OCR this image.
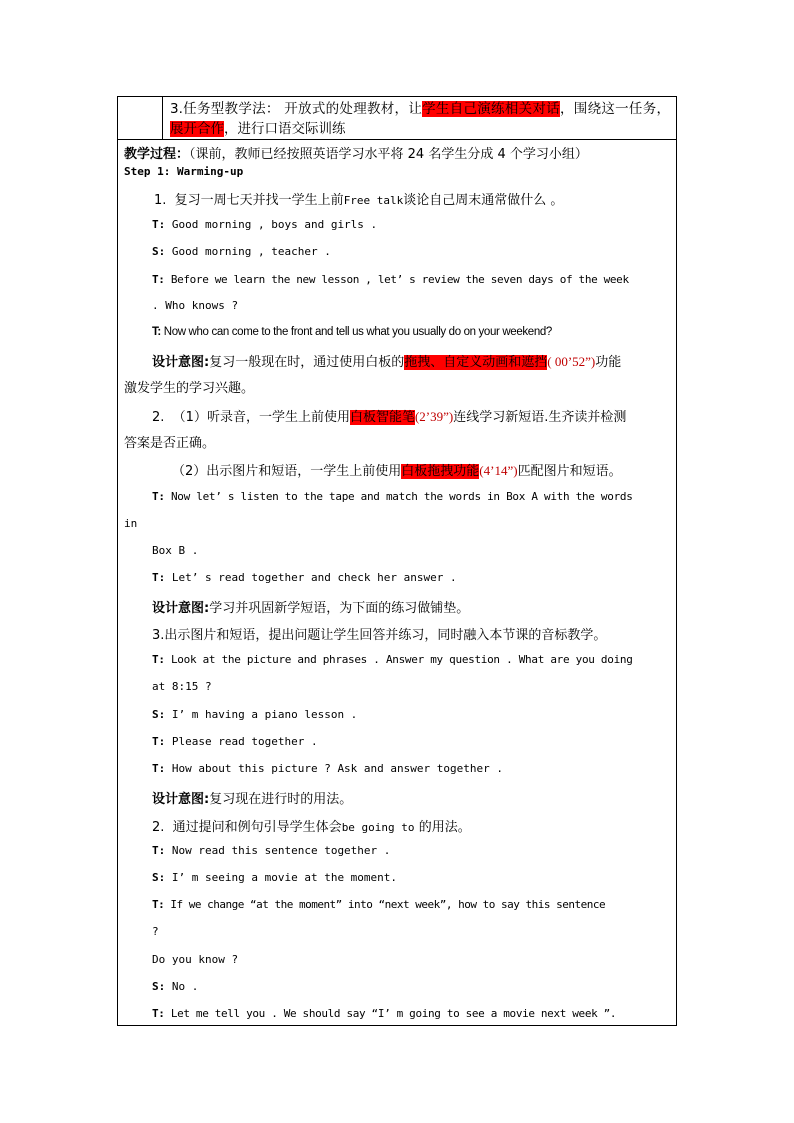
3.任务型教学法： 开放式的处理教材，让学生自己演练相关对话，围绕这一任务，展开合作，进行口语交际训练
教学过程：（课前，教师已经按照英语学习水平将 24 名学生分成 4 个学习小组）
Step 1: Warming-up
1. 复习一周七天并找一学生上前Free talk谈论自己周末通常做什么 。
T: Good morning , boys and girls .
S: Good morning , teacher .
T: Before we learn the new lesson , let’ s review the seven days of the week
. Who knows ?
T: Now who can come to the front and tell us what you usually do on your weekend?
设计意图:复习一般现在时，通过使用白板的拖拽、自定义动画和遮挡( 00’52”)功能
激发学生的学习兴趣。
2. （1）听录音，一学生上前使用白板智能笔(2’39”)连线学习新短语.生齐读并检测
答案是否正确。
（2）出示图片和短语，一学生上前使用白板拖拽功能(4’14”)匹配图片和短语。
T: Now let’ s listen to the tape and match the words in Box A with the words
in
Box B .
T: Let’ s read together and check her answer .
设计意图:学习并巩固新学短语，为下面的练习做铺垫。
3.出示图片和短语，提出问题让学生回答并练习，同时融入本节课的音标教学。
T: Look at the picture and phrases . Answer my question . What are you doing
at 8:15 ?
S: I’ m having a piano lesson .
T: Please read together .
T: How about this picture ? Ask and answer together .
设计意图:复习现在进行时的用法。
2. 通过提问和例句引导学生体会be going to 的用法。
T: Now read this sentence together .
S: I’ m seeing a movie at the moment.
T: If we change “at the moment” into “next week”, how to say this sentence
?
Do you know ?
S: No .
T: Let me tell you . We should say “I’ m going to see a movie next week ”.
